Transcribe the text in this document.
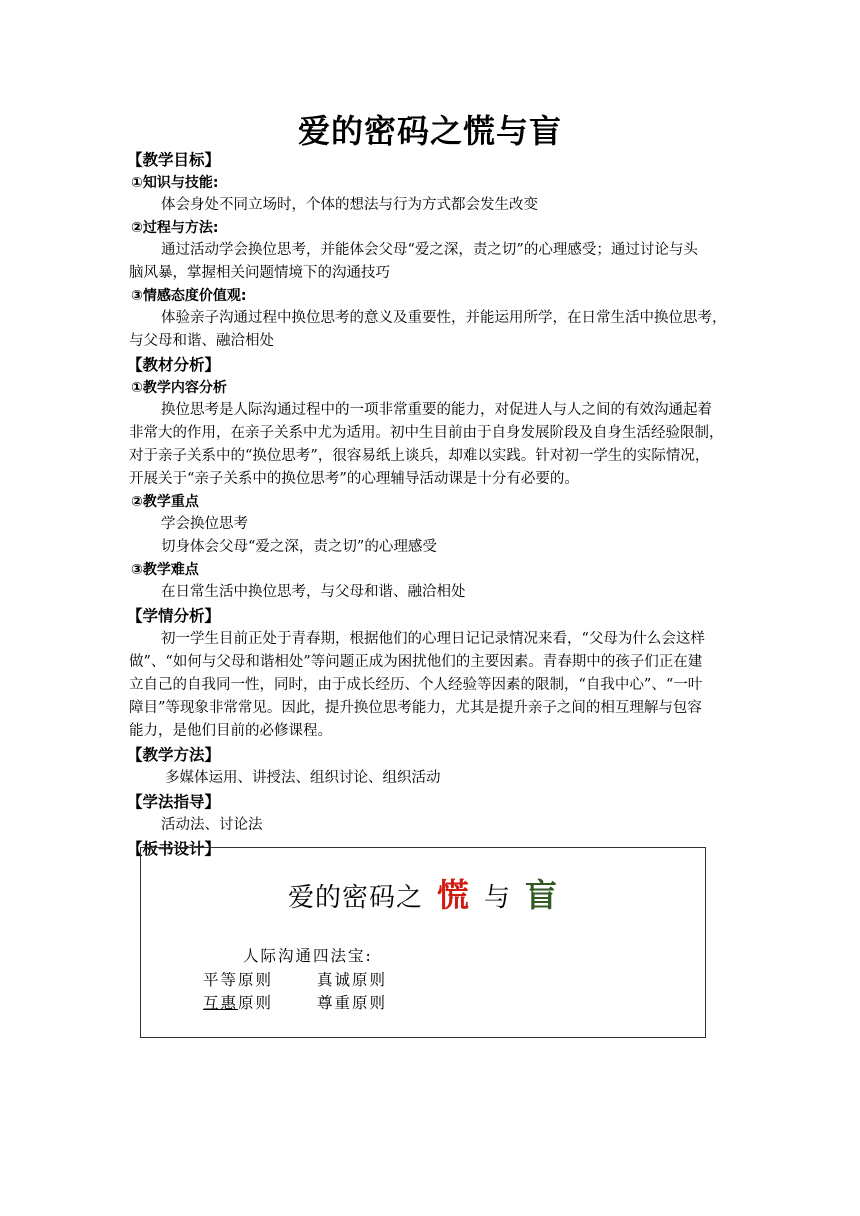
爱的密码之慌与盲
【教学目标】
①知识与技能:
体会身处不同立场时，个体的想法与行为方式都会发生改变
②过程与方法:
通过活动学会换位思考，并能体会父母“爱之深，责之切”的心理感受；通过讨论与头
脑风暴，掌握相关问题情境下的沟通技巧
③情感态度价值观:
体验亲子沟通过程中换位思考的意义及重要性，并能运用所学，在日常生活中换位思考，
与父母和谐、融洽相处
【教材分析】
①教学内容分析
换位思考是人际沟通过程中的一项非常重要的能力，对促进人与人之间的有效沟通起着
非常大的作用，在亲子关系中尤为适用。初中生目前由于自身发展阶段及自身生活经验限制，
对于亲子关系中的“换位思考”，很容易纸上谈兵，却难以实践。针对初一学生的实际情况，
开展关于“亲子关系中的换位思考”的心理辅导活动课是十分有必要的。
②教学重点
学会换位思考
切身体会父母“爱之深，责之切”的心理感受
③教学难点
在日常生活中换位思考，与父母和谐、融洽相处
【学情分析】
初一学生目前正处于青春期，根据他们的心理日记记录情况来看，“父母为什么会这样
做”、“如何与父母和谐相处”等问题正成为困扰他们的主要因素。青春期中的孩子们正在建
立自己的自我同一性，同时，由于成长经历、个人经验等因素的限制，“自我中心”、“一叶
障目”等现象非常常见。因此，提升换位思考能力，尤其是提升亲子之间的相互理解与包容
能力，是他们目前的必修课程。
【教学方法】
多媒体运用、讲授法、组织讨论、组织活动
【学法指导】
活动法、讨论法
【板书设计】
爱的密码之 慌 与 盲
人际沟通四法宝:
平等原则	真诚原则
互惠原则	尊重原则
